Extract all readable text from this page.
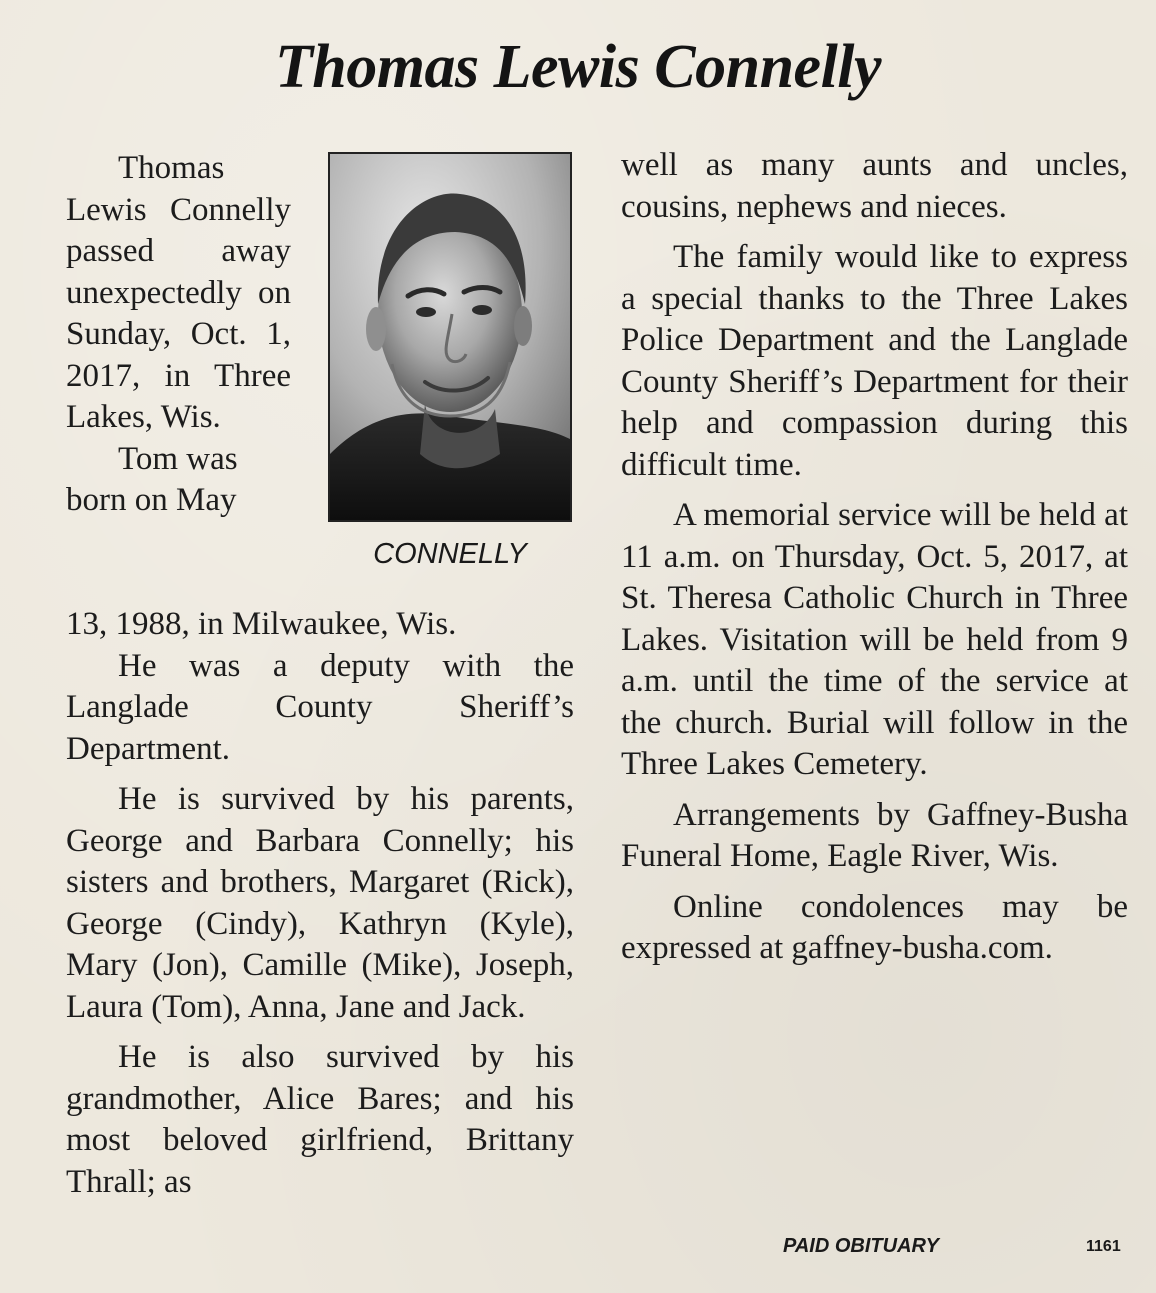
Thomas Lewis Connelly

Thomas Lewis Connelly passed away unexpectedly on Sunday, Oct. 1, 2017, in Three Lakes, Wis.

Tom was born on May

CONNELLY

13, 1988, in Milwaukee, Wis.

He was a deputy with the Langlade County Sheriff’s Department.

He is survived by his parents, George and Barbara Connelly; his sisters and brothers, Margaret (Rick), George (Cindy), Kathryn (Kyle), Mary (Jon), Camille (Mike), Joseph, Laura (Tom), Anna, Jane and Jack.

He is also survived by his grandmother, Alice Bares; and his most beloved girlfriend, Brittany Thrall; as

well as many aunts and uncles, cousins, nephews and nieces.

The family would like to express a special thanks to the Three Lakes Police Department and the Langlade County Sheriff’s Department for their help and compassion during this difficult time.

A memorial service will be held at 11 a.m. on Thursday, Oct. 5, 2017, at St. Theresa Catholic Church in Three Lakes. Visitation will be held from 9 a.m. until the time of the service at the church. Burial will follow in the Three Lakes Cemetery.

Arrangements by Gaffney-Busha Funeral Home, Eagle River, Wis.

Online condolences may be expressed at gaffney-busha.com.

PAID OBITUARY	1161
